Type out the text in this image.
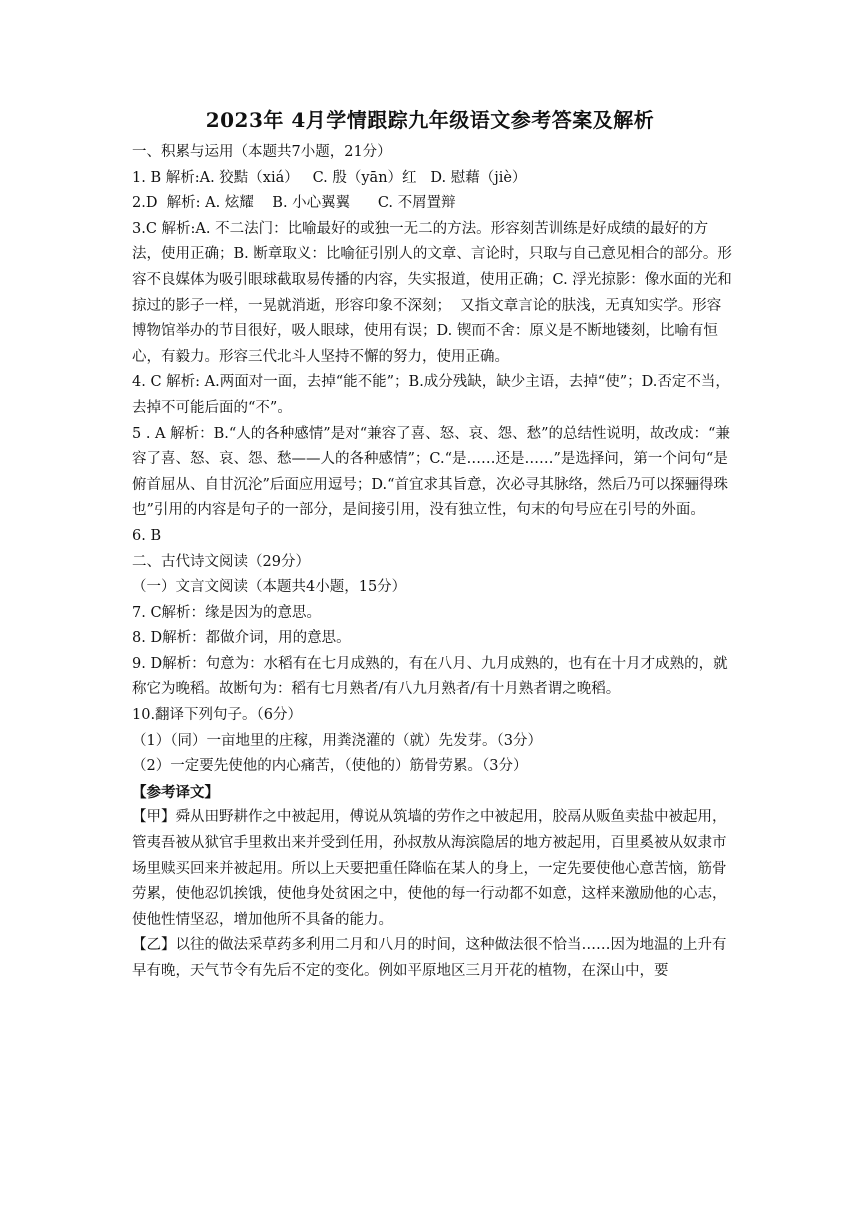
2023年 4月学情跟踪九年级语文参考答案及解析

一、积累与运用（本题共7小题，21分）

1. B 解析:A. 狡黠（xiá）   C. 殷（yān）红   D. 慰藉（jiè）

2.D  解析: A. 炫耀    B. 小心翼翼      C. 不屑置辩

3.C 解析:A. 不二法门：比喻最好的或独一无二的方法。形容刻苦训练是好成绩的最好的方法，使用正确；B. 断章取义：比喻征引别人的文章、言论时，只取与自己意见相合的部分。形容不良媒体为吸引眼球截取易传播的内容，失实报道，使用正确；C. 浮光掠影：像水面的光和掠过的影子一样，一晃就消逝，形容印象不深刻；  又指文章言论的肤浅，无真知实学。形容博物馆举办的节目很好，吸人眼球，使用有误；D. 锲而不舍：原义是不断地镂刻，比喻有恒心，有毅力。形容三代北斗人坚持不懈的努力，使用正确。

4. C 解析: A.两面对一面，去掉“能不能”；B.成分残缺，缺少主语，去掉“使”；D.否定不当，去掉不可能后面的“不”。

5 . A 解析：B.“人的各种感情”是对“兼容了喜、怒、哀、怨、愁”的总结性说明，故改成：“兼容了喜、怒、哀、怨、愁——人的各种感情”；C.“是……还是……”是选择问，第一个问句“是俯首屈从、自甘沉沦”后面应用逗号；D.“首宜求其旨意，次必寻其脉络，然后乃可以探骊得珠也”引用的内容是句子的一部分，是间接引用，没有独立性，句末的句号应在引号的外面。

6. B

二、古代诗文阅读（29分）

（一）文言文阅读（本题共4小题，15分）

7. C解析：缘是因为的意思。

8. D解析：都做介词，用的意思。

9. D解析：句意为：水稻有在七月成熟的，有在八月、九月成熟的，也有在十月才成熟的，就称它为晚稻。故断句为：稻有七月熟者/有八九月熟者/有十月熟者谓之晚稻。

10.翻译下列句子。（6分）

（1）（同）一亩地里的庄稼，用粪浇灌的（就）先发芽。（3分）

（2）一定要先使他的内心痛苦，（使他的）筋骨劳累。（3分）

【参考译文】

【甲】舜从田野耕作之中被起用，傅说从筑墙的劳作之中被起用，胶鬲从贩鱼卖盐中被起用，管夷吾被从狱官手里救出来并受到任用，孙叔敖从海滨隐居的地方被起用，百里奚被从奴隶市场里赎买回来并被起用。所以上天要把重任降临在某人的身上，一定先要使他心意苦恼，筋骨劳累，使他忍饥挨饿，使他身处贫困之中，使他的每一行动都不如意，这样来激励他的心志，使他性情坚忍，增加他所不具备的能力。

【乙】以往的做法采草药多利用二月和八月的时间，这种做法很不恰当……因为地温的上升有早有晚，天气节令有先后不定的变化。例如平原地区三月开花的植物，在深山中，要
